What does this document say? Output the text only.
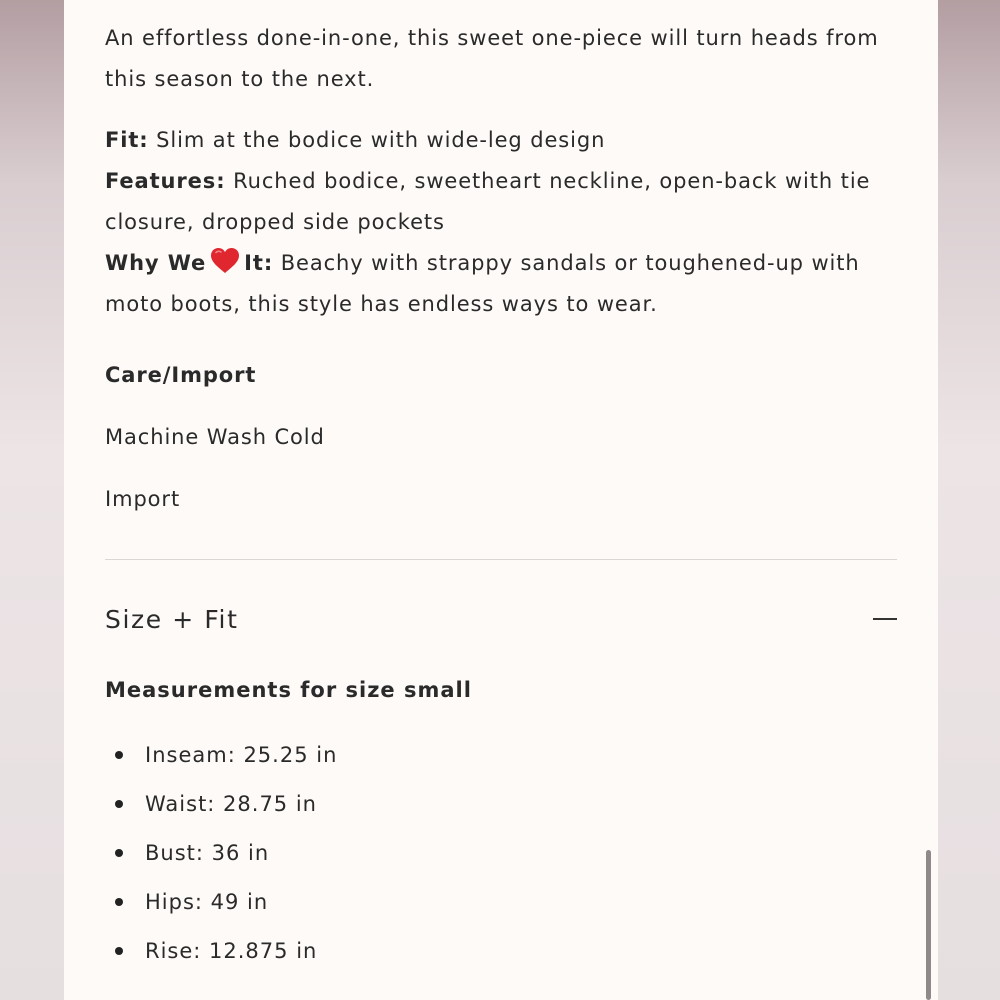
An effortless done-in-one, this sweet one-piece will turn heads from this season to the next.

Fit: Slim at the bodice with wide-leg design

Features: Ruched bodice, sweetheart neckline, open-back with tie closure, dropped side pockets

Why We It: Beachy with strappy sandals or toughened-up with moto boots, this style has endless ways to wear.

Care/Import

Machine Wash Cold

Import

Size + Fit
Measurements for size small
Inseam: 25.25 in
Waist: 28.75 in
Bust: 36 in
Hips: 49 in
Rise: 12.875 in
